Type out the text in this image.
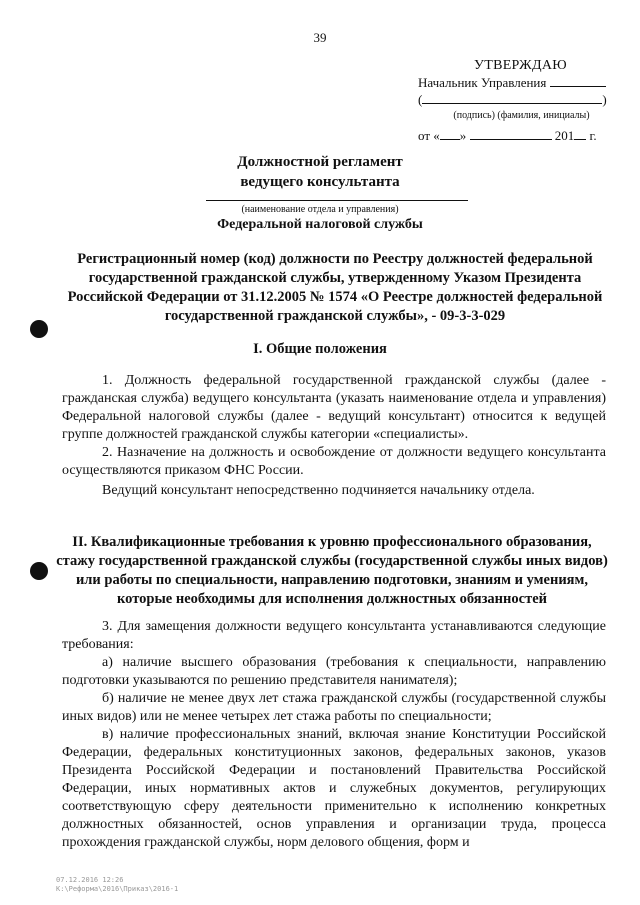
39
УТВЕРЖДАЮ
Начальник Управления
(	)
(подпись) (фамилия, инициалы)
от « »	201 г.
Должностной регламент
ведущего консультанта
(наименование отдела и управления)
Федеральной налоговой службы
Регистрационный номер (код) должности по Реестру должностей федеральной государственной гражданской службы, утвержденному Указом Президента Российской Федерации от 31.12.2005 № 1574 «О Реестре должностей федеральной государственной гражданской службы», - 09-3-3-029
I. Общие положения

1. Должность федеральной государственной гражданской службы (далее - гражданская служба) ведущего консультанта (указать наименование отдела и управления) Федеральной налоговой службы (далее - ведущий консультант) относится к ведущей группе должностей гражданской службы категории «специалисты».

2. Назначение на должность и освобождение от должности ведущего консультанта осуществляются приказом ФНС России.

Ведущий консультант непосредственно подчиняется начальнику отдела.

II. Квалификационные требования к уровню профессионального образования, стажу государственной гражданской службы (государственной службы иных видов) или работы по специальности, направлению подготовки, знаниям и умениям, которые необходимы для исполнения должностных обязанностей

3. Для замещения должности ведущего консультанта устанавливаются следующие требования:

а) наличие высшего образования (требования к специальности, направлению подготовки указываются по решению представителя нанимателя);

б) наличие не менее двух лет стажа гражданской службы (государственной службы иных видов) или не менее четырех лет стажа работы по специальности;

в) наличие профессиональных знаний, включая знание Конституции Российской Федерации, федеральных конституционных законов, федеральных законов, указов Президента Российской Федерации и постановлений Правительства Российской Федерации, иных нормативных актов и служебных документов, регулирующих соответствующую сферу деятельности применительно к исполнению конкретных должностных обязанностей, основ управления и организации труда, процесса прохождения гражданской службы, норм делового общения, форм и

07.12.2016 12:26
К:\Реформа\2016\Приказ\2016-1
